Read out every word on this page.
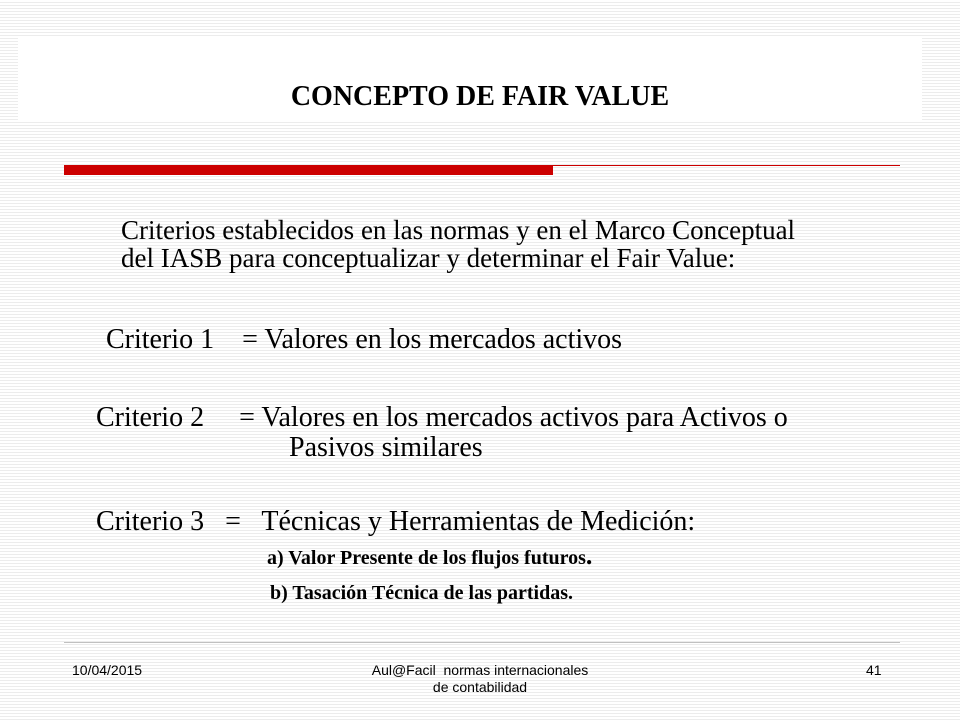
CONCEPTO DE FAIR VALUE
Criterios establecidos en las normas y en el Marco Conceptual
del IASB para conceptualizar y determinar el Fair Value:
Criterio 1    = Valores en los mercados activos
Criterio 2     = Valores en los mercados activos para Activos o
Pasivos similares
Criterio 3   =   Técnicas y Herramientas de Medición:
a) Valor Presente de los flujos futuros.
b) Tasación Técnica de las partidas.
10/04/2015	Aul@Facil  normas internacionales
de contabilidad
41
